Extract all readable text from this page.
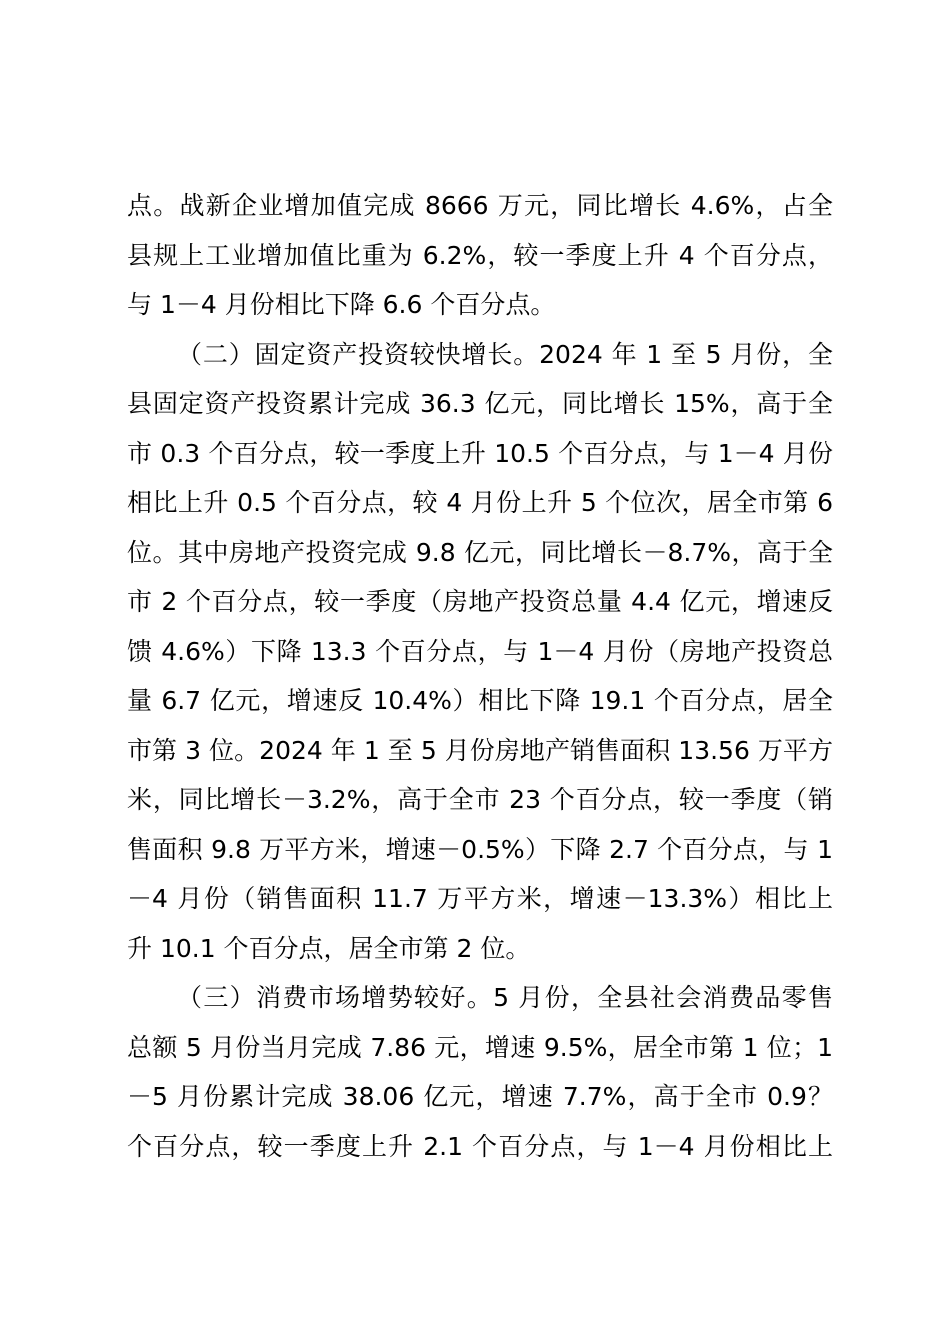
点。战新企业增加值完成 8666 万元，同比增长 4.6%，占全
县规上工业增加值比重为 6.2%，较一季度上升 4 个百分点，
与 1－4 月份相比下降 6.6 个百分点。
（二）固定资产投资较快增长。2024 年 1 至 5 月份，全
县固定资产投资累计完成 36.3 亿元，同比增长 15%，高于全
市 0.3 个百分点，较一季度上升 10.5 个百分点，与 1－4 月份
相比上升 0.5 个百分点，较 4 月份上升 5 个位次，居全市第 6
位。其中房地产投资完成 9.8 亿元，同比增长－8.7%，高于全
市 2 个百分点，较一季度（房地产投资总量 4.4 亿元，增速反
馈 4.6%）下降 13.3 个百分点，与 1－4 月份（房地产投资总
量 6.7 亿元，增速反 10.4%）相比下降 19.1 个百分点，居全
市第 3 位。2024 年 1 至 5 月份房地产销售面积 13.56 万平方
米，同比增长－3.2%，高于全市 23 个百分点，较一季度（销
售面积 9.8 万平方米，增速－0.5%）下降 2.7 个百分点，与 1
－4 月份（销售面积 11.7 万平方米，增速－13.3%）相比上
升 10.1 个百分点，居全市第 2 位。
（三）消费市场增势较好。5 月份，全县社会消费品零售
总额 5 月份当月完成 7.86 元，增速 9.5%，居全市第 1 位；1
－5 月份累计完成 38.06 亿元，增速 7.7%，高于全市 0.9？
个百分点，较一季度上升 2.1 个百分点，与 1－4 月份相比上
